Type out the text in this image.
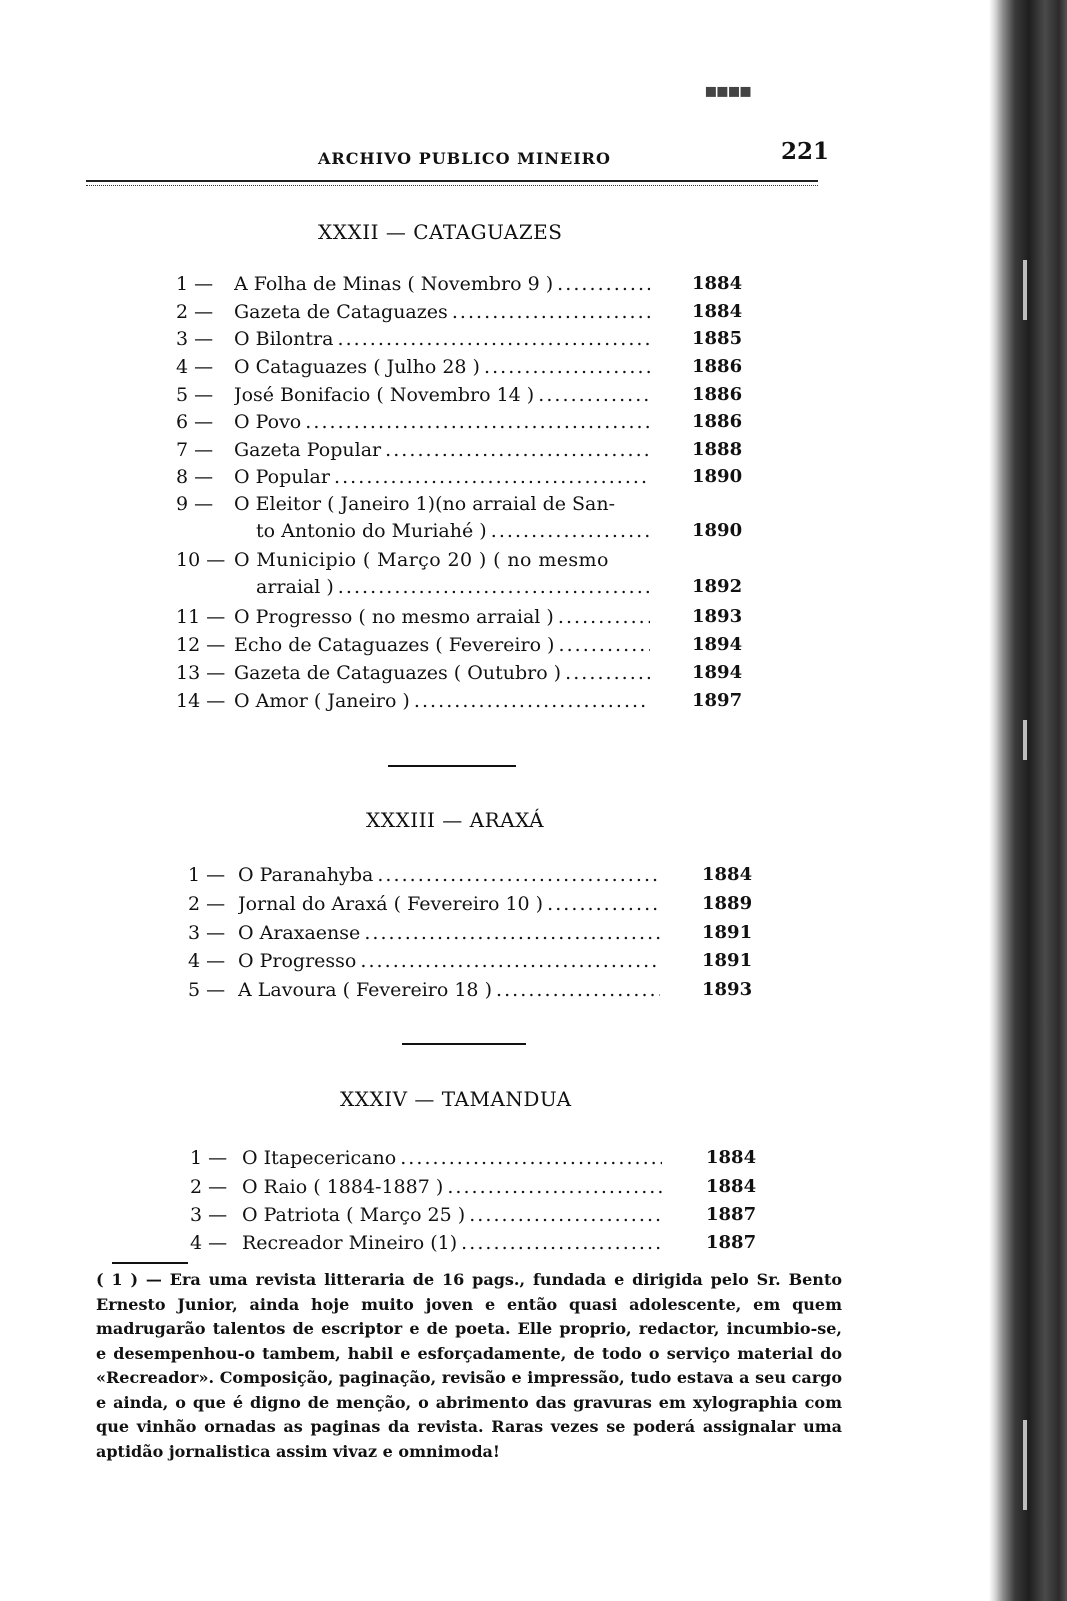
▪▪▪▪
ARCHIVO PUBLICO MINEIRO	221
XXXII — CATAGUAZES
1 —	A Folha de Minas ( Novembro 9 ) . . .	1884
2 —	Gazeta de Cataguazes . . .	1884
3 —	O Bilontra . . .	1885
4 —	O Cataguazes ( Julho 28 ) . . .	1886
5 —	José Bonifacio ( Novembro 14 ) . . .	1886
6 —	O Povo . . .	1886
7 —	Gazeta Popular . . .	1888
8 —	O Popular . . .	1890
9 —	O Eleitor ( Janeiro 1)(no arraial de San-
to Antonio do Muriahé ) . . .	1890
10 — O Municipio ( Março 20 ) ( no mesmo
arraial ) . . .	1892
11 — O Progresso ( no mesmo arraial ) . . .	1893
12 — Echo de Cataguazes ( Fevereiro ) . . .	1894
13 — Gazeta de Cataguazes ( Outubro ) . . .	1894
14 — O Amor ( Janeiro ) . . .	1897
XXXIII — ARAXÁ
1 — O Paranahyba . . .	1884
2 — Jornal do Araxá ( Fevereiro 10 ) . . .	1889
3 — O Araxaense . . .	1891
4 — O Progresso . . .	1891
5 — A Lavoura ( Fevereiro 18 ) . . .	1893
XXXIV — TAMANDUA
1 — O Itapecericano . . .	1884
2 — O Raio ( 1884-1887 ) . . .	1884
3 — O Patriota ( Março 25 ) . . .	1887
4 — Recreador Mineiro (1) . . .	1887

( 1 ) — Era uma revista litteraria de 16 pags., fundada e dirigida pelo Sr. Bento Ernesto Junior, ainda hoje muito joven e então quasi adolescente, em quem madrugarão talentos de escriptor e de poeta. Elle proprio, redactor, incumbio-se, e desempenhou-o tambem, habil e esforçadamente, de todo o serviço material do «Recreador». Composição, paginação, revisão e impressão, tudo estava a seu cargo e ainda, o que é digno de menção, o abrimento das gravuras em xylographia com que vinhão ornadas as paginas da revista. Raras vezes se poderá assignalar uma aptidão jornalistica assim vivaz e omnimoda!
